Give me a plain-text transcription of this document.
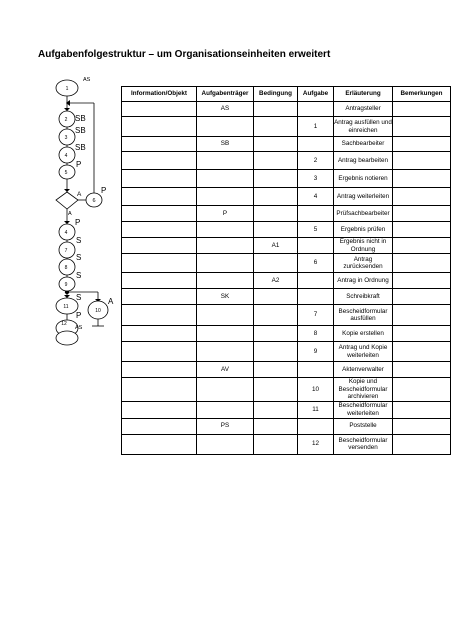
Aufgabenfolgestruktur – um Organisationseinheiten erweitert
1
AS
2 SB
3
SB
SB
4
P
5
A P
6
A
P
4
S
7
S
8
S
9
S	A
11
10
P
12
AS
Information/Objekt	Aufgabenträger	Bedingung	Aufgabe	Erläuterung	Bemerkungen
	AS			Antragsteller	
			1	Antrag ausfüllen und einreichen	
	SB			Sachbearbeiter	
			2	Antrag bearbeiten	
			3	Ergebnis notieren	
			4	Antrag weiterleiten	
	P			Prüfsachbearbeiter	
			5	Ergebnis prüfen	
		A1		Ergebnis nicht in Ordnung	
			6	Antrag zurücksenden	
		A2		Antrag in Ordnung	
	SK			Schreibkraft	
			7	Bescheidformular ausfüllen	
			8	Kopie erstellen	
			9	Antrag und Kopie weiterleiten	
	AV			Aktenverwalter	
			10	Kopie und Bescheidformular archivieren	
			11	Bescheidformular weiterleiten	
	PS			Poststelle	
			12	Bescheidformular versenden	
